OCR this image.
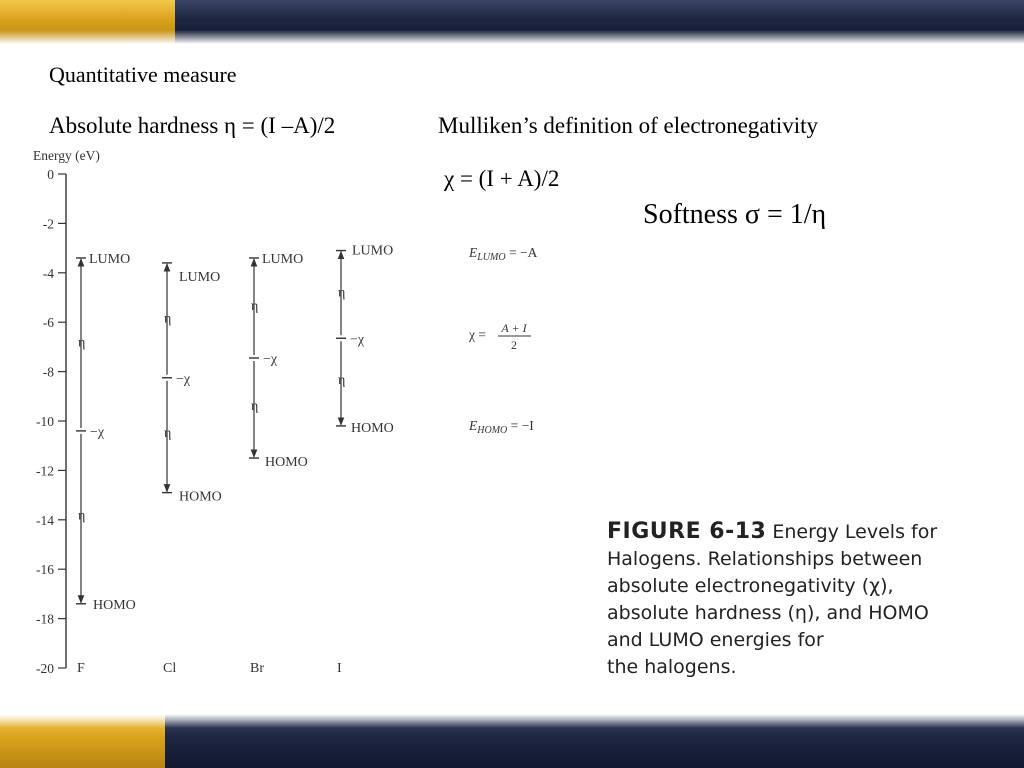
Quantitative measure
Absolute hardness η = (I –A)/2	Mulliken’s definition of electronegativity
χ = (I + A)/2
Softness σ = 1/η
Energy (eV)
0
-2
-4
-6
-8
-10
-12
-14
-16
-18
-20
LUMO
HOMO
−χ
η
η
LUMO
HOMO
−χ
η
η
LUMO
HOMO
−χ
η
η
LUMO
HOMO
−χ
η
η
F	Cl	Br	I
$E_{LUMO} = -A$
χ = A + I
2
$E_{HOMO} = -I$
FIGURE 6-13 Energy Levels for
Halogens. Relationships between
absolute electronegativity (χ),
absolute hardness (η), and HOMO
and LUMO energies for
the halogens.
